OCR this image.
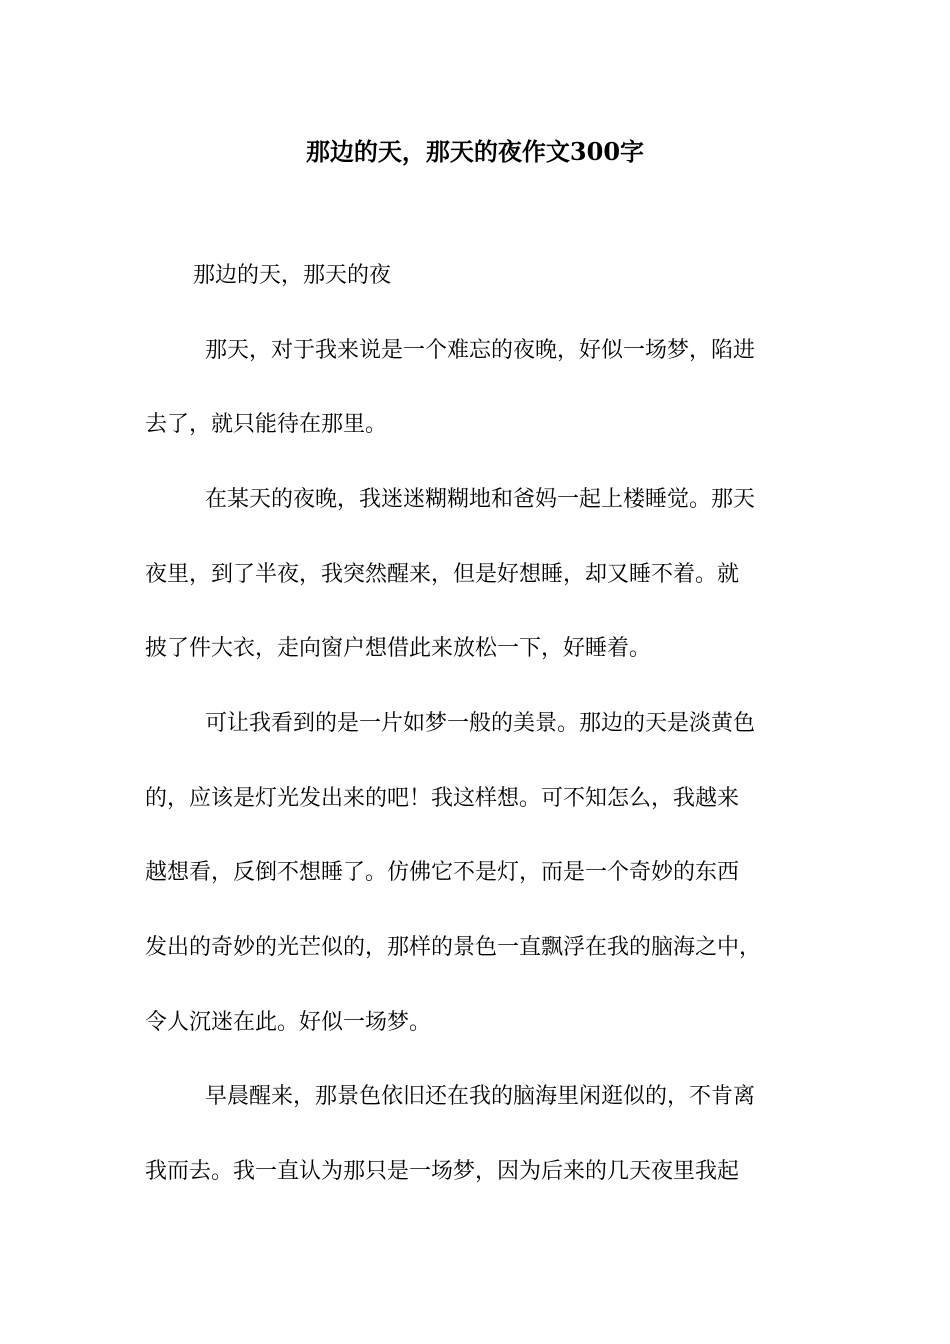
那边的天，那天的夜作文300字

那边的天，那天的夜

那天，对于我来说是一个难忘的夜晚，好似一场梦，陷进

去了，就只能待在那里。

在某天的夜晚，我迷迷糊糊地和爸妈一起上楼睡觉。那天

夜里，到了半夜，我突然醒来，但是好想睡，却又睡不着。就

披了件大衣，走向窗户想借此来放松一下，好睡着。

可让我看到的是一片如梦一般的美景。那边的天是淡黄色

的，应该是灯光发出来的吧！我这样想。可不知怎么，我越来

越想看，反倒不想睡了。仿佛它不是灯，而是一个奇妙的东西

发出的奇妙的光芒似的，那样的景色一直飘浮在我的脑海之中，

令人沉迷在此。好似一场梦。

早晨醒来，那景色依旧还在我的脑海里闲逛似的，不肯离

我而去。我一直认为那只是一场梦，因为后来的几天夜里我起
